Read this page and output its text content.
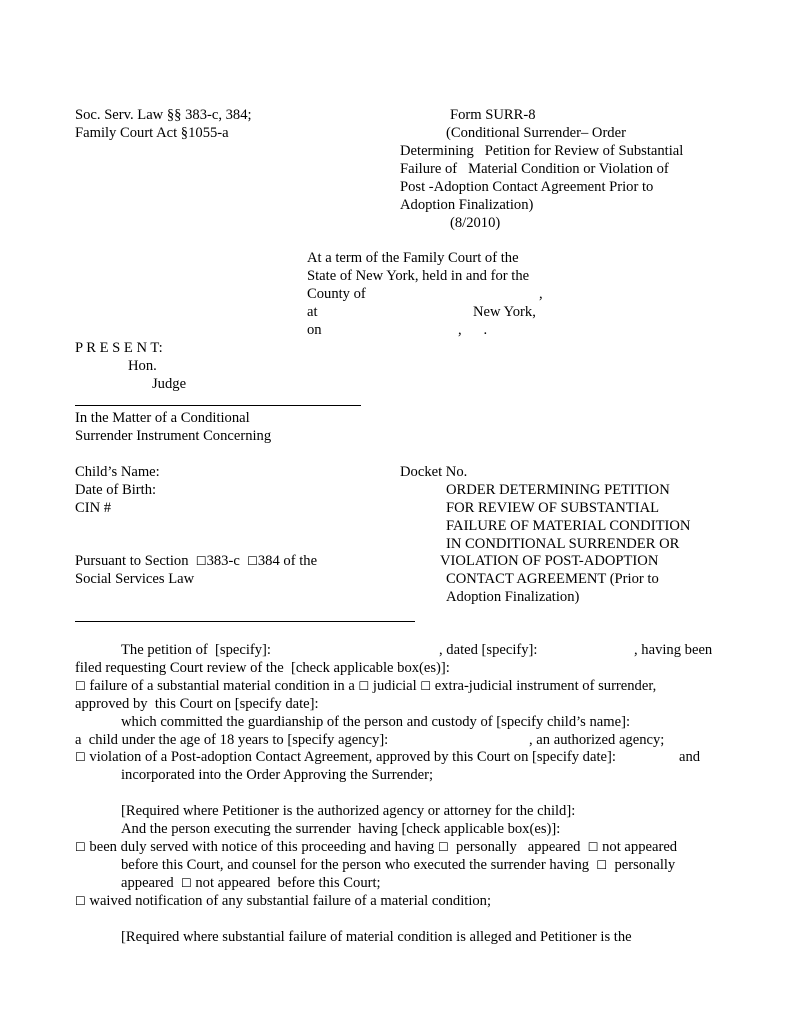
Soc. Serv. Law §§ 383-c, 384;
Family Court Act §1055-a
Form SURR-8
(Conditional Surrender– Order
Determining   Petition for Review of Substantial
Failure of   Material Condition or Violation of
Post -Adoption Contact Agreement Prior to
Adoption Finalization)
(8/2010)
At a term of the Family Court of the
State of New York, held in and for the
County of	,
at	New York,
on	,      .
P R E S E N T:
Hon.
Judge
In the Matter of a Conditional
Surrender Instrument Concerning
Child’s Name:
Date of Birth:
CIN #
Pursuant to Section  ☐383-c  ☐384 of the
Social Services Law
Docket No.
ORDER DETERMINING PETITION
FOR REVIEW OF SUBSTANTIAL
FAILURE OF MATERIAL CONDITION
IN CONDITIONAL SURRENDER OR
VIOLATION OF POST-ADOPTION
CONTACT AGREEMENT (Prior to
Adoption Finalization)
The petition of  [specify]:	, dated [specify]:	, having been
filed requesting Court review of the  [check applicable box(es)]:
☐ failure of a substantial material condition in a ☐ judicial ☐ extra-judicial instrument of surrender,
approved by  this Court on [specify date]:
which committed the guardianship of the person and custody of [specify child’s name]:
a  child under the age of 18 years to [specify agency]:	, an authorized agency;
☐ violation of a Post-adoption Contact Agreement, approved by this Court on [specify date]:	and
incorporated into the Order Approving the Surrender;
[Required where Petitioner is the authorized agency or attorney for the child]:
And the person executing the surrender  having [check applicable box(es)]:
☐ been duly served with notice of this proceeding and having ☐  personally   appeared  ☐ not appeared
before this Court, and counsel for the person who executed the surrender having  ☐  personally
appeared  ☐ not appeared  before this Court;
☐ waived notification of any substantial failure of a material condition;
[Required where substantial failure of material condition is alleged and Petitioner is the
